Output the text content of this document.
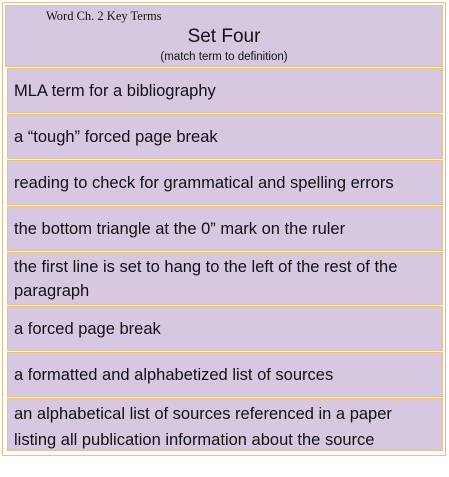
Word Ch. 2 Key Terms
Set Four
(match term to definition)
MLA term for a bibliography
a “tough” forced page break
reading to check for grammatical and spelling errors
the bottom triangle at the 0” mark on the ruler
the first line is set to hang to the left of the rest of the paragraph
a forced page break
a formatted and alphabetized list of sources
an alphabetical list of sources referenced in a paper listing all publication information about the source
